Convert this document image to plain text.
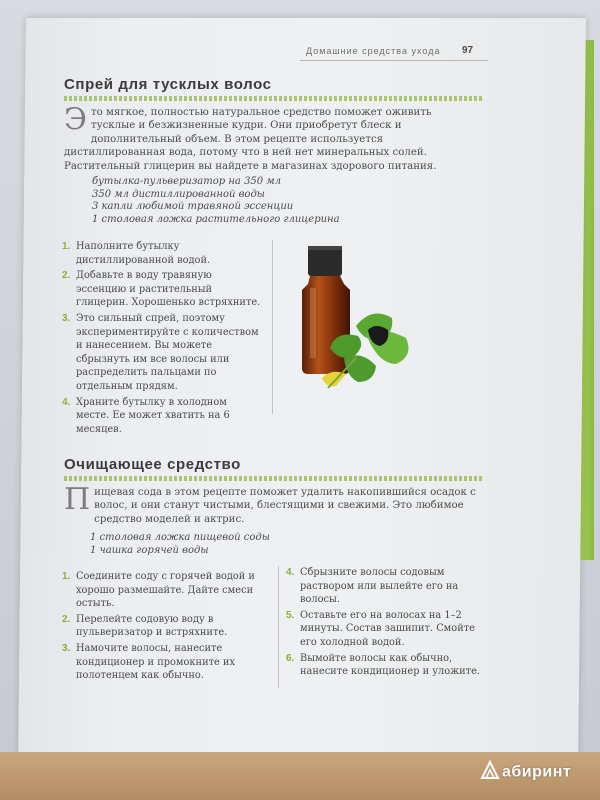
Домашние средства ухода	97
Спрей для тусклых волос
Это мягкое, полностью натуральное средство поможет оживить тусклые и безжизненные кудри. Они приобретут блеск и дополнительный объем. В этом рецепте используется дистиллированная вода, потому что в ней нет минеральных солей. Растительный глицерин вы найдете в магазинах здорового питания.
бутылка-пульверизатор на 350 мл
350 мл дистиллированной воды
3 капли любимой травяной эссенции
1 столовая ложка растительного глицерина
1. Наполните бутылку дистиллированной водой.
2. Добавьте в воду травяную эссенцию и растительный глицерин. Хорошенько встряхните.
3. Это сильный спрей, поэтому экспериментируйте с количеством и нанесением. Вы можете сбрызнуть им все волосы или распределить пальцами по отдельным прядям.
4. Храните бутылку в холодном месте. Ее может хватить на 6 месяцев.
Очищающее средство
Пищевая сода в этом рецепте поможет удалить накопившийся осадок с волос, и они станут чистыми, блестящими и свежими. Это любимое средство моделей и актрис.
1 столовая ложка пищевой соды
1 чашка горячей воды
1. Соедините соду с горячей водой и хорошо размешайте. Дайте смеси остыть.
2. Перелейте содовую воду в пульверизатор и встряхните.
3. Намочите волосы, нанесите кондиционер и промокните их полотенцем как обычно.
4. Сбрызните волосы содовым раствором или вылейте его на волосы.
5. Оставьте его на волосах на 1–2 минуты. Состав зашипит. Смойте его холодной водой.
6. Вымойте волосы как обычно, нанесите кондиционер и уложите.
абиринт
